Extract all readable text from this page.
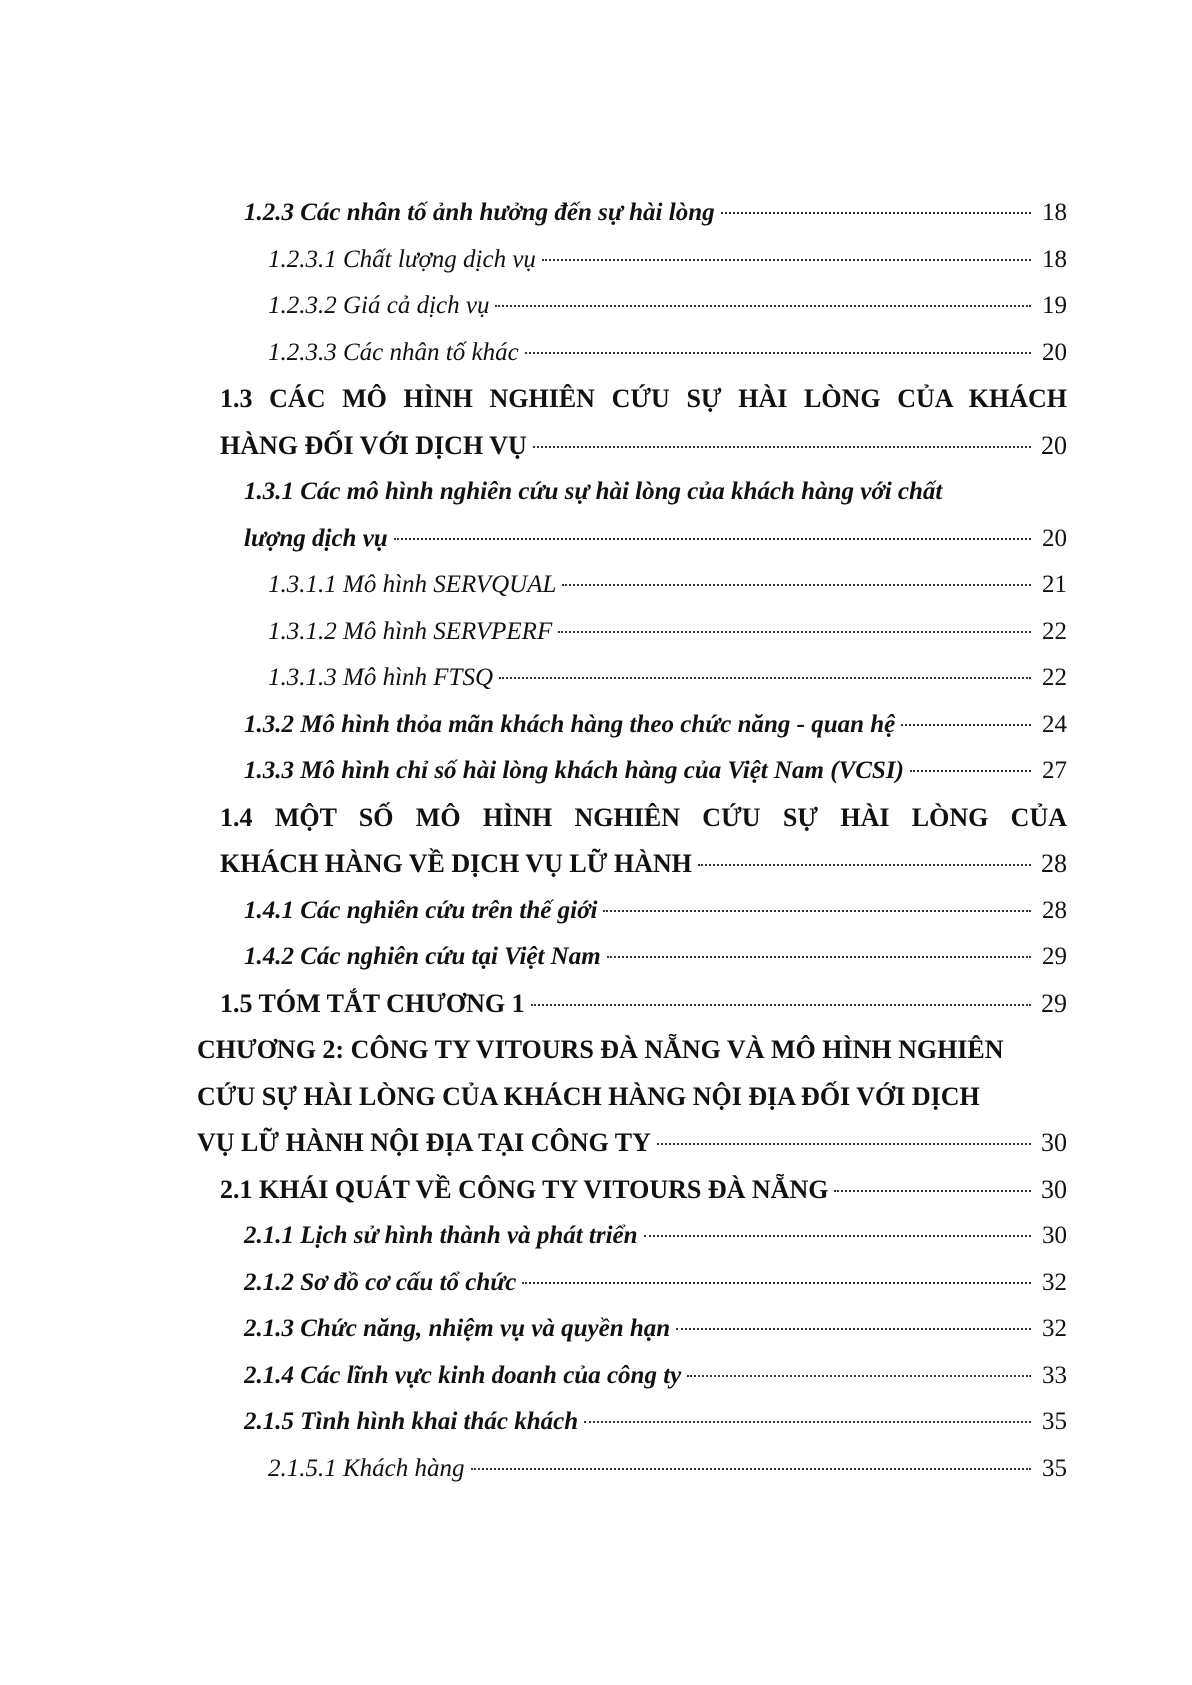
1.2.3 Các nhân tố ảnh hưởng đến sự hài lòng	18
1.2.3.1 Chất lượng dịch vụ	18
1.2.3.2 Giá cả dịch vụ	19
1.2.3.3 Các nhân tố khác	20
1.3 CÁC MÔ HÌNH NGHIÊN CỨU SỰ HÀI LÒNG CỦA KHÁCH
HÀNG ĐỐI VỚI DỊCH VỤ	20
1.3.1 Các mô hình nghiên cứu sự hài lòng của khách hàng với chất
lượng dịch vụ	20
1.3.1.1 Mô hình SERVQUAL	21
1.3.1.2 Mô hình SERVPERF	22
1.3.1.3 Mô hình FTSQ	22
1.3.2 Mô hình thỏa mãn khách hàng theo chức năng - quan hệ	24
1.3.3 Mô hình chỉ số hài lòng khách hàng của Việt Nam (VCSI)	27
1.4 MỘT SỐ MÔ HÌNH NGHIÊN CỨU SỰ HÀI LÒNG CỦA
KHÁCH HÀNG VỀ DỊCH VỤ LỮ HÀNH	28
1.4.1 Các nghiên cứu trên thế giới	28
1.4.2 Các nghiên cứu tại Việt Nam	29
1.5 TÓM TẮT CHƯƠNG 1	29
CHƯƠNG 2: CÔNG TY VITOURS ĐÀ NẴNG VÀ MÔ HÌNH NGHIÊN
CỨU SỰ HÀI LÒNG CỦA KHÁCH HÀNG NỘI ĐỊA ĐỐI VỚI DỊCH
VỤ LỮ HÀNH NỘI ĐỊA TẠI CÔNG TY	30
2.1 KHÁI QUÁT VỀ CÔNG TY VITOURS ĐÀ NẴNG	30
2.1.1 Lịch sử hình thành và phát triển	30
2.1.2 Sơ đồ cơ cấu tổ chức	32
2.1.3 Chức năng, nhiệm vụ và quyền hạn	32
2.1.4 Các lĩnh vực kinh doanh của công ty	33
2.1.5 Tình hình khai thác khách	35
2.1.5.1 Khách hàng	35
